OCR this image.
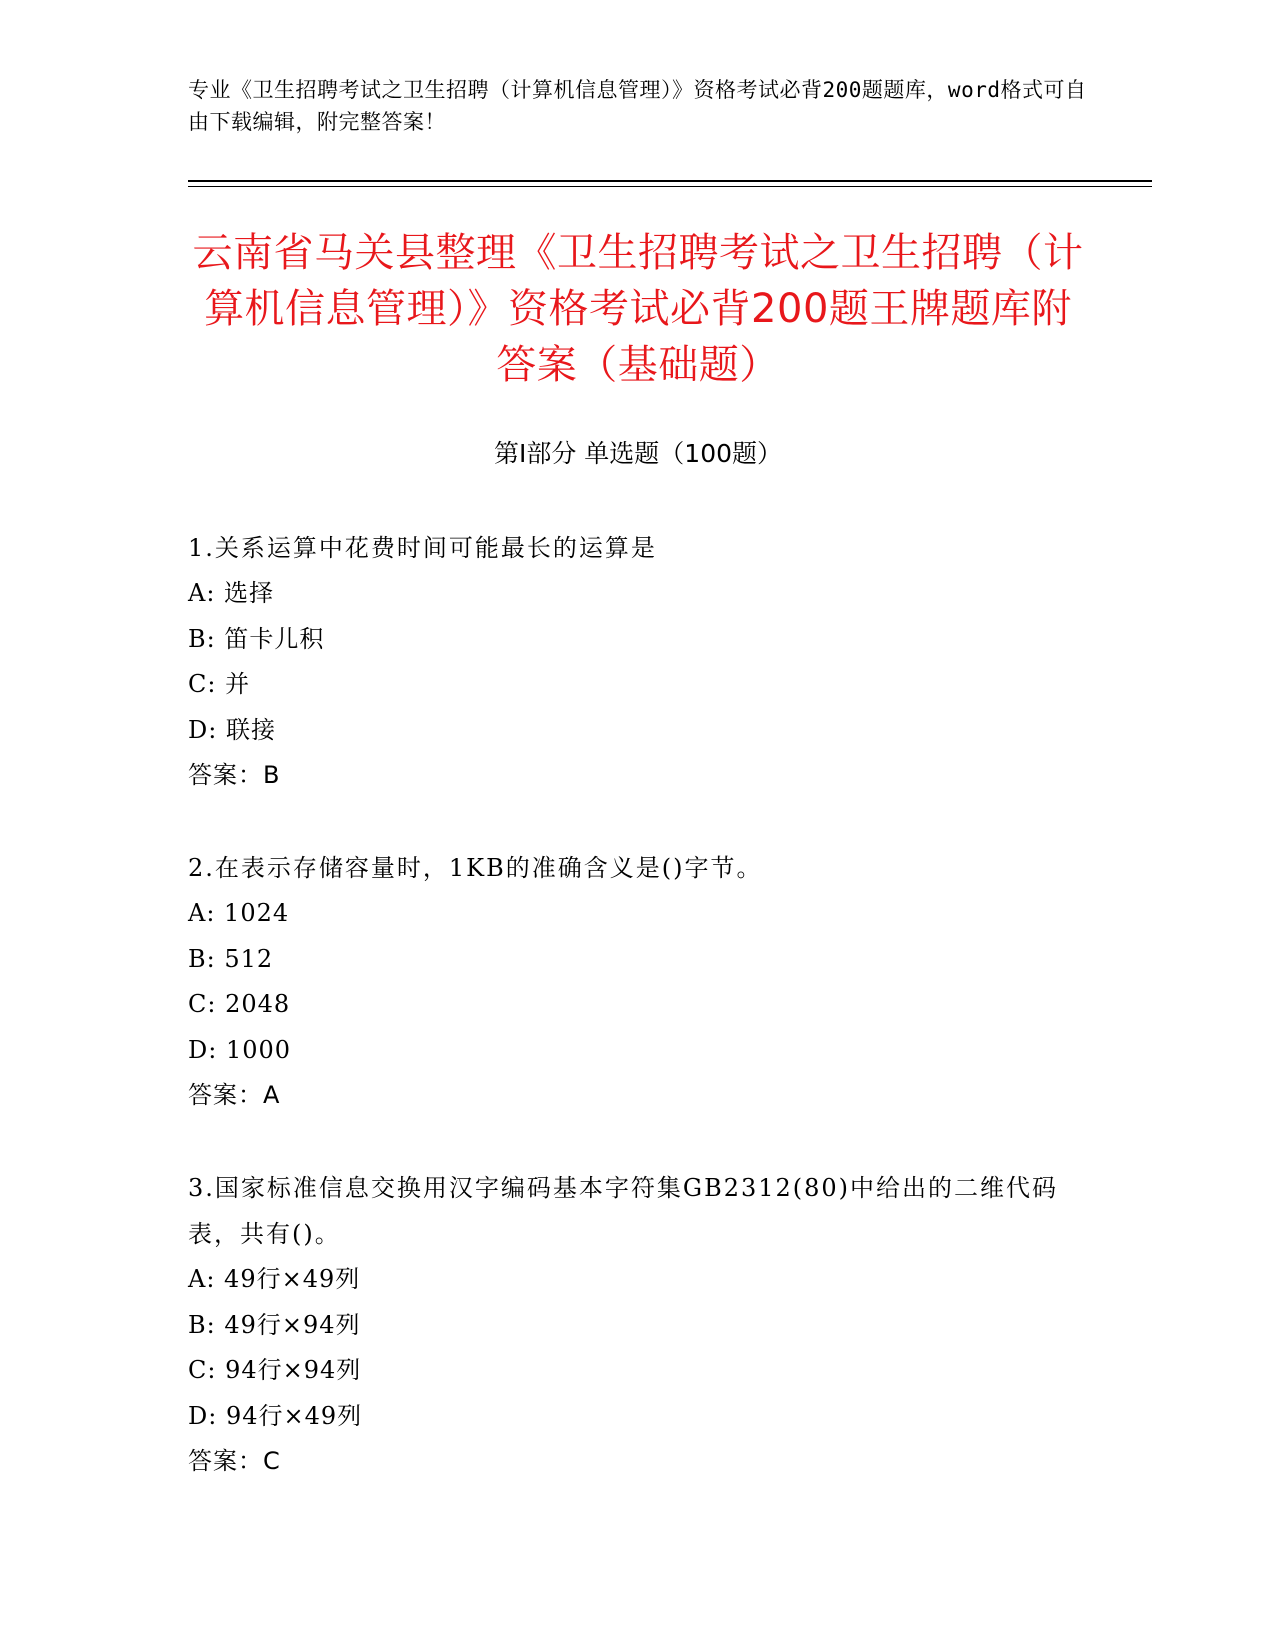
专业《卫生招聘考试之卫生招聘（计算机信息管理）》资格考试必背200题题库，word格式可自由下载编辑，附完整答案！
云南省马关县整理《卫生招聘考试之卫生招聘（计算机信息管理）》资格考试必背200题王牌题库附答案（基础题）
第I部分 单选题（100题）
1.关系运算中花费时间可能最长的运算是
A: 选择
B: 笛卡儿积
C: 并
D: 联接
答案：B
2.在表示存储容量时，1KB的准确含义是()字节。
A: 1024
B: 512
C: 2048
D: 1000
答案：A
3.国家标准信息交换用汉字编码基本字符集GB2312(80)中给出的二维代码表，共有()。
A: 49行×49列
B: 49行×94列
C: 94行×94列
D: 94行×49列
答案：C
